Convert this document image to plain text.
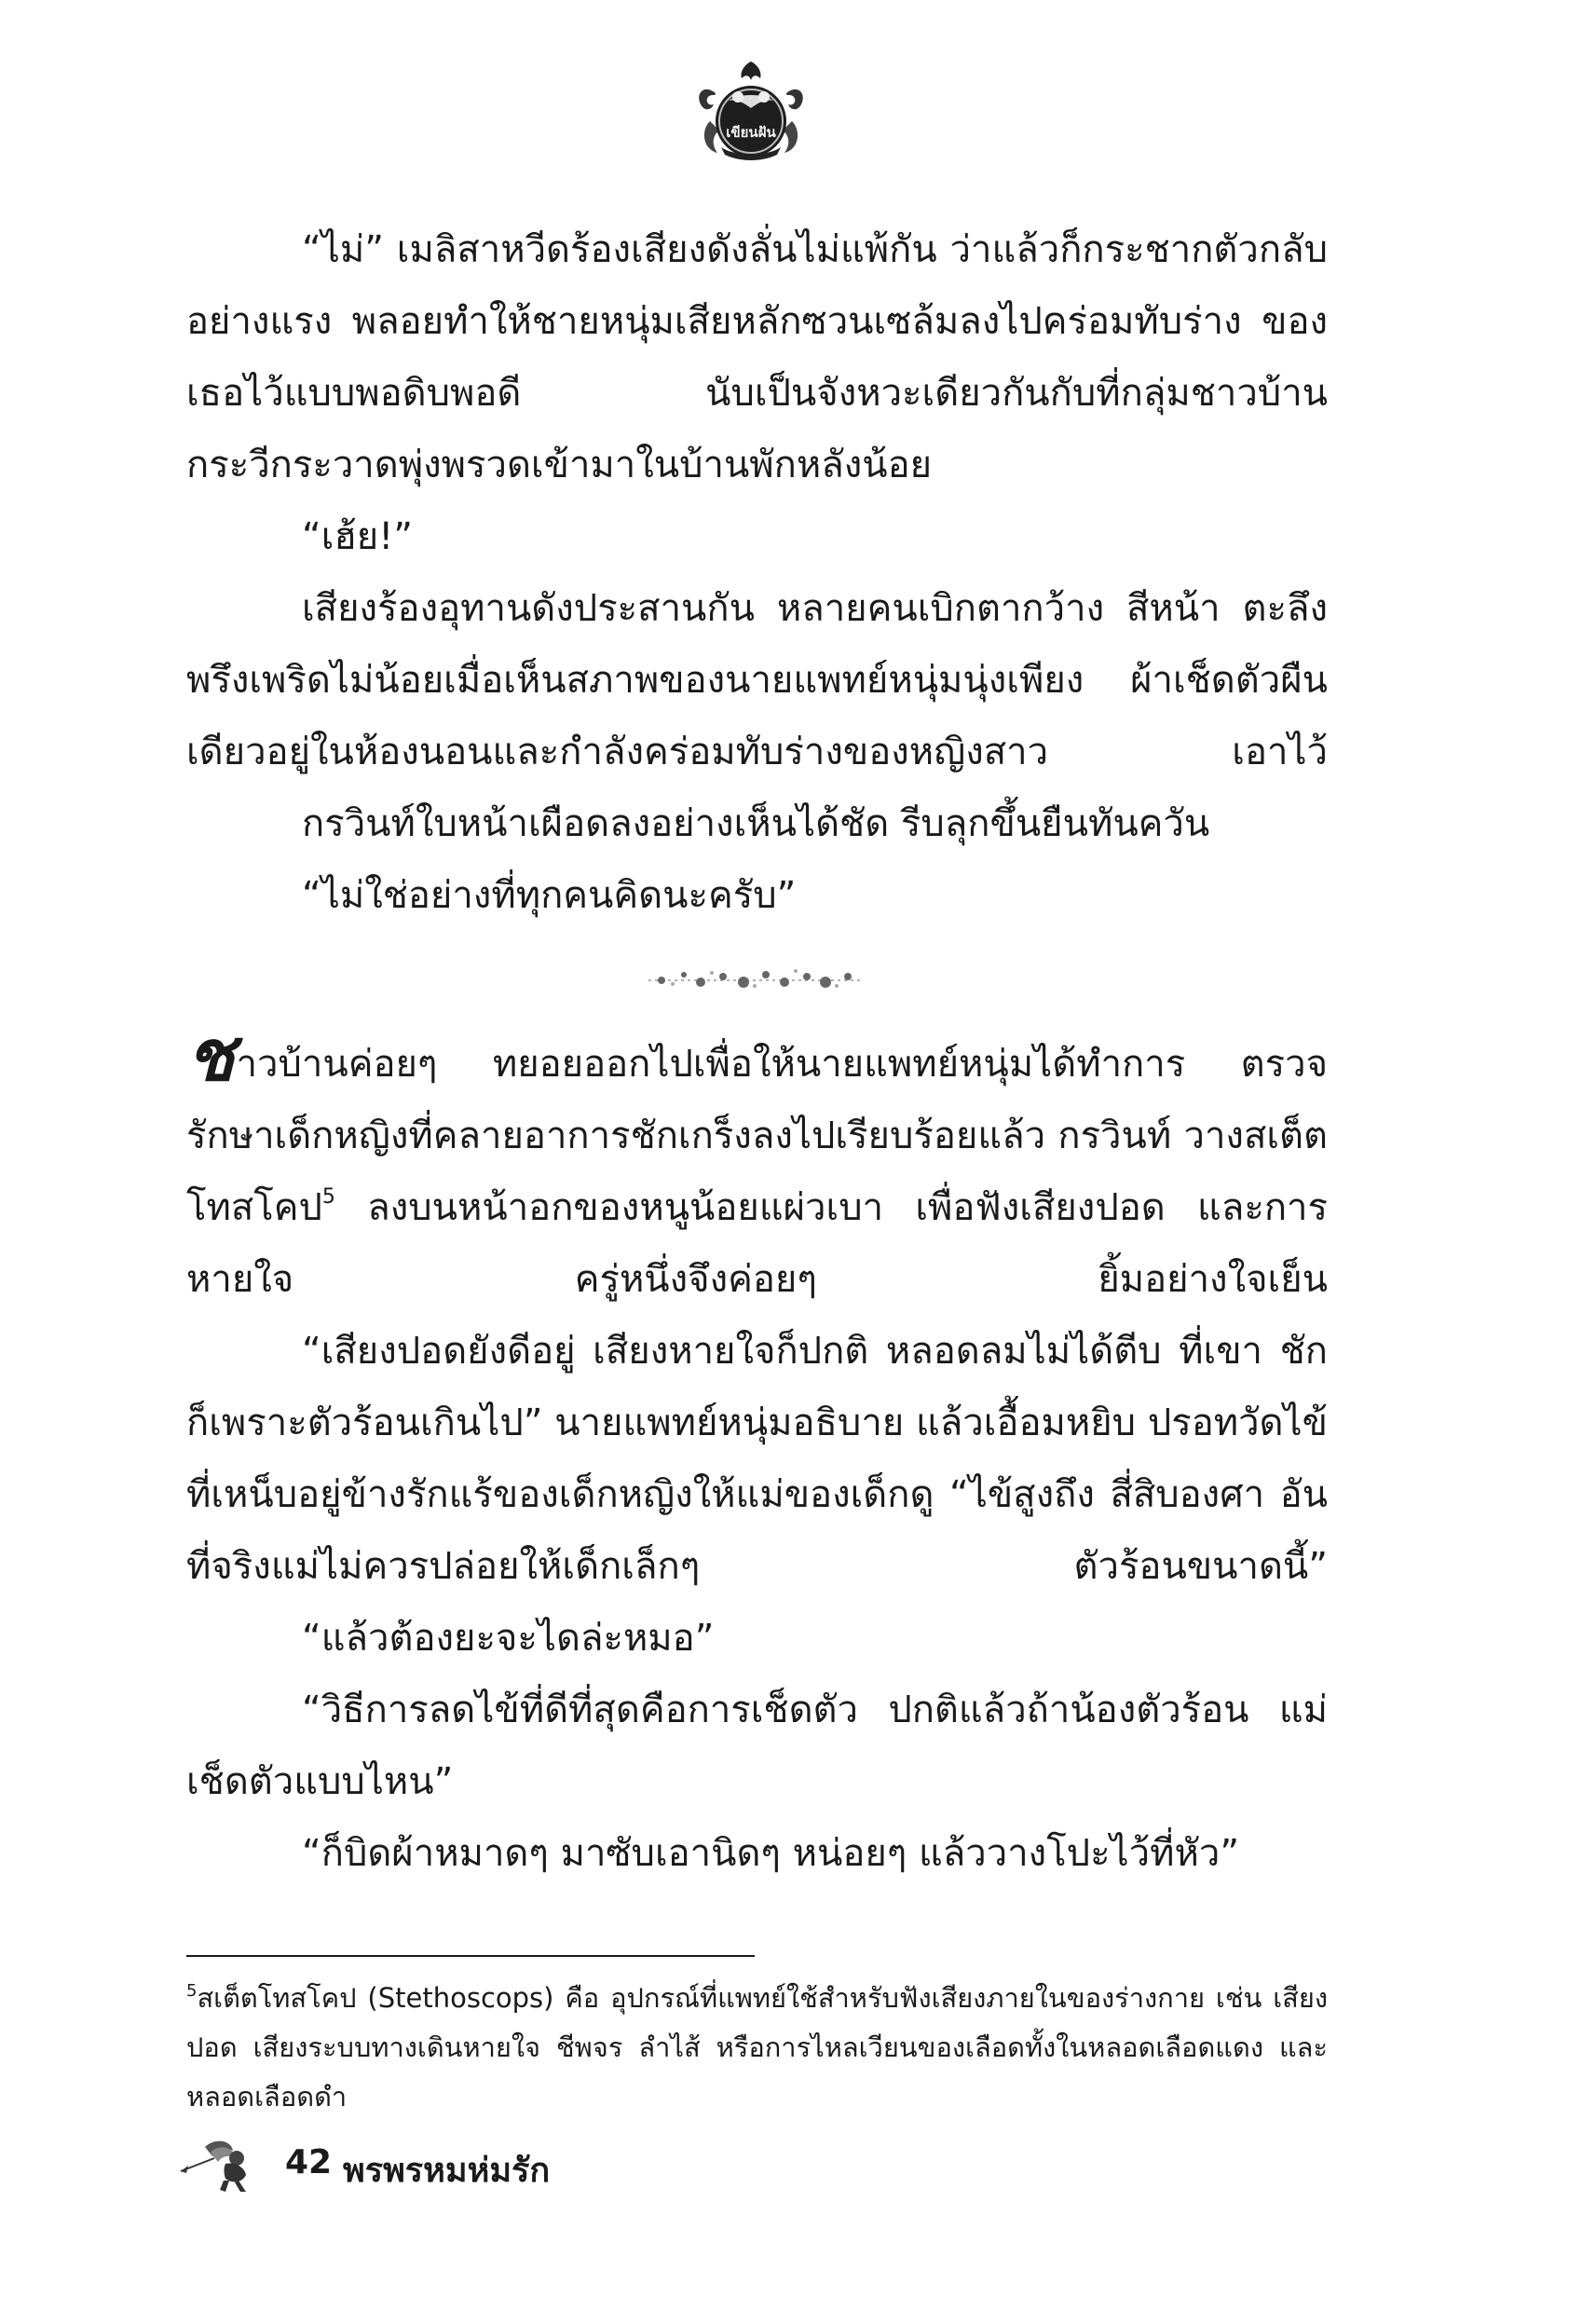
เขียนฝัน

“ไม่” เมลิสาหวีดร้องเสียงดังลั่นไม่แพ้กัน ว่าแล้วก็กระชากตัวกลับ อย่างแรง พลอยทำให้ชายหนุ่มเสียหลักซวนเซล้มลงไปคร่อมทับร่าง ของเธอไว้แบบพอดิบพอดี นับเป็นจังหวะเดียวกันกับที่กลุ่มชาวบ้าน กระวีกระวาดพุ่งพรวดเข้ามาในบ้านพักหลังน้อย

“เฮ้ย!”

เสียงร้องอุทานดังประสานกัน หลายคนเบิกตากว้าง สีหน้า ตะลึงพรึงเพริดไม่น้อยเมื่อเห็นสภาพของนายแพทย์หนุ่มนุ่งเพียง ผ้าเช็ดตัวผืนเดียวอยู่ในห้องนอนและกำลังคร่อมทับร่างของหญิงสาว เอาไว้

กรวินท์ใบหน้าเผือดลงอย่างเห็นได้ชัด รีบลุกขึ้นยืนทันควัน

“ไม่ใช่อย่างที่ทุกคนคิดนะครับ”

ชาวบ้านค่อยๆ ทยอยออกไปเพื่อให้นายแพทย์หนุ่มได้ทำการ ตรวจรักษาเด็กหญิงที่คลายอาการชักเกร็งลงไปเรียบร้อยแล้ว กรวินท์ วางสเต็ตโทสโคป$^5$ ลงบนหน้าอกของหนูน้อยแผ่วเบา เพื่อฟังเสียงปอด และการหายใจ ครู่หนึ่งจึงค่อยๆ ยิ้มอย่างใจเย็น

“เสียงปอดยังดีอยู่ เสียงหายใจก็ปกติ หลอดลมไม่ได้ตีบ ที่เขา ชักก็เพราะตัวร้อนเกินไป” นายแพทย์หนุ่มอธิบาย แล้วเอื้อมหยิบ ปรอทวัดไข้ที่เหน็บอยู่ข้างรักแร้ของเด็กหญิงให้แม่ของเด็กดู “ไข้สูงถึง สี่สิบองศา อันที่จริงแม่ไม่ควรปล่อยให้เด็กเล็กๆ ตัวร้อนขนาดนี้”

“แล้วต้องยะจะไดล่ะหมอ”

“วิธีการลดไข้ที่ดีที่สุดคือการเช็ดตัว ปกติแล้วถ้าน้องตัวร้อน แม่เช็ดตัวแบบไหน”

“ก็บิดผ้าหมาดๆ มาซับเอานิดๆ หน่อยๆ แล้ววางโปะไว้ที่หัว”

$^5$สเต็ตโทสโคป (Stethoscops) คือ อุปกรณ์ที่แพทย์ใช้สำหรับฟังเสียงภายในของร่างกาย เช่น เสียงปอด เสียงระบบทางเดินหายใจ ชีพจร ลำไส้ หรือการไหลเวียนของเลือดทั้งในหลอดเลือดแดง และหลอดเลือดดำ

42 พรพรหมห่มรัก
